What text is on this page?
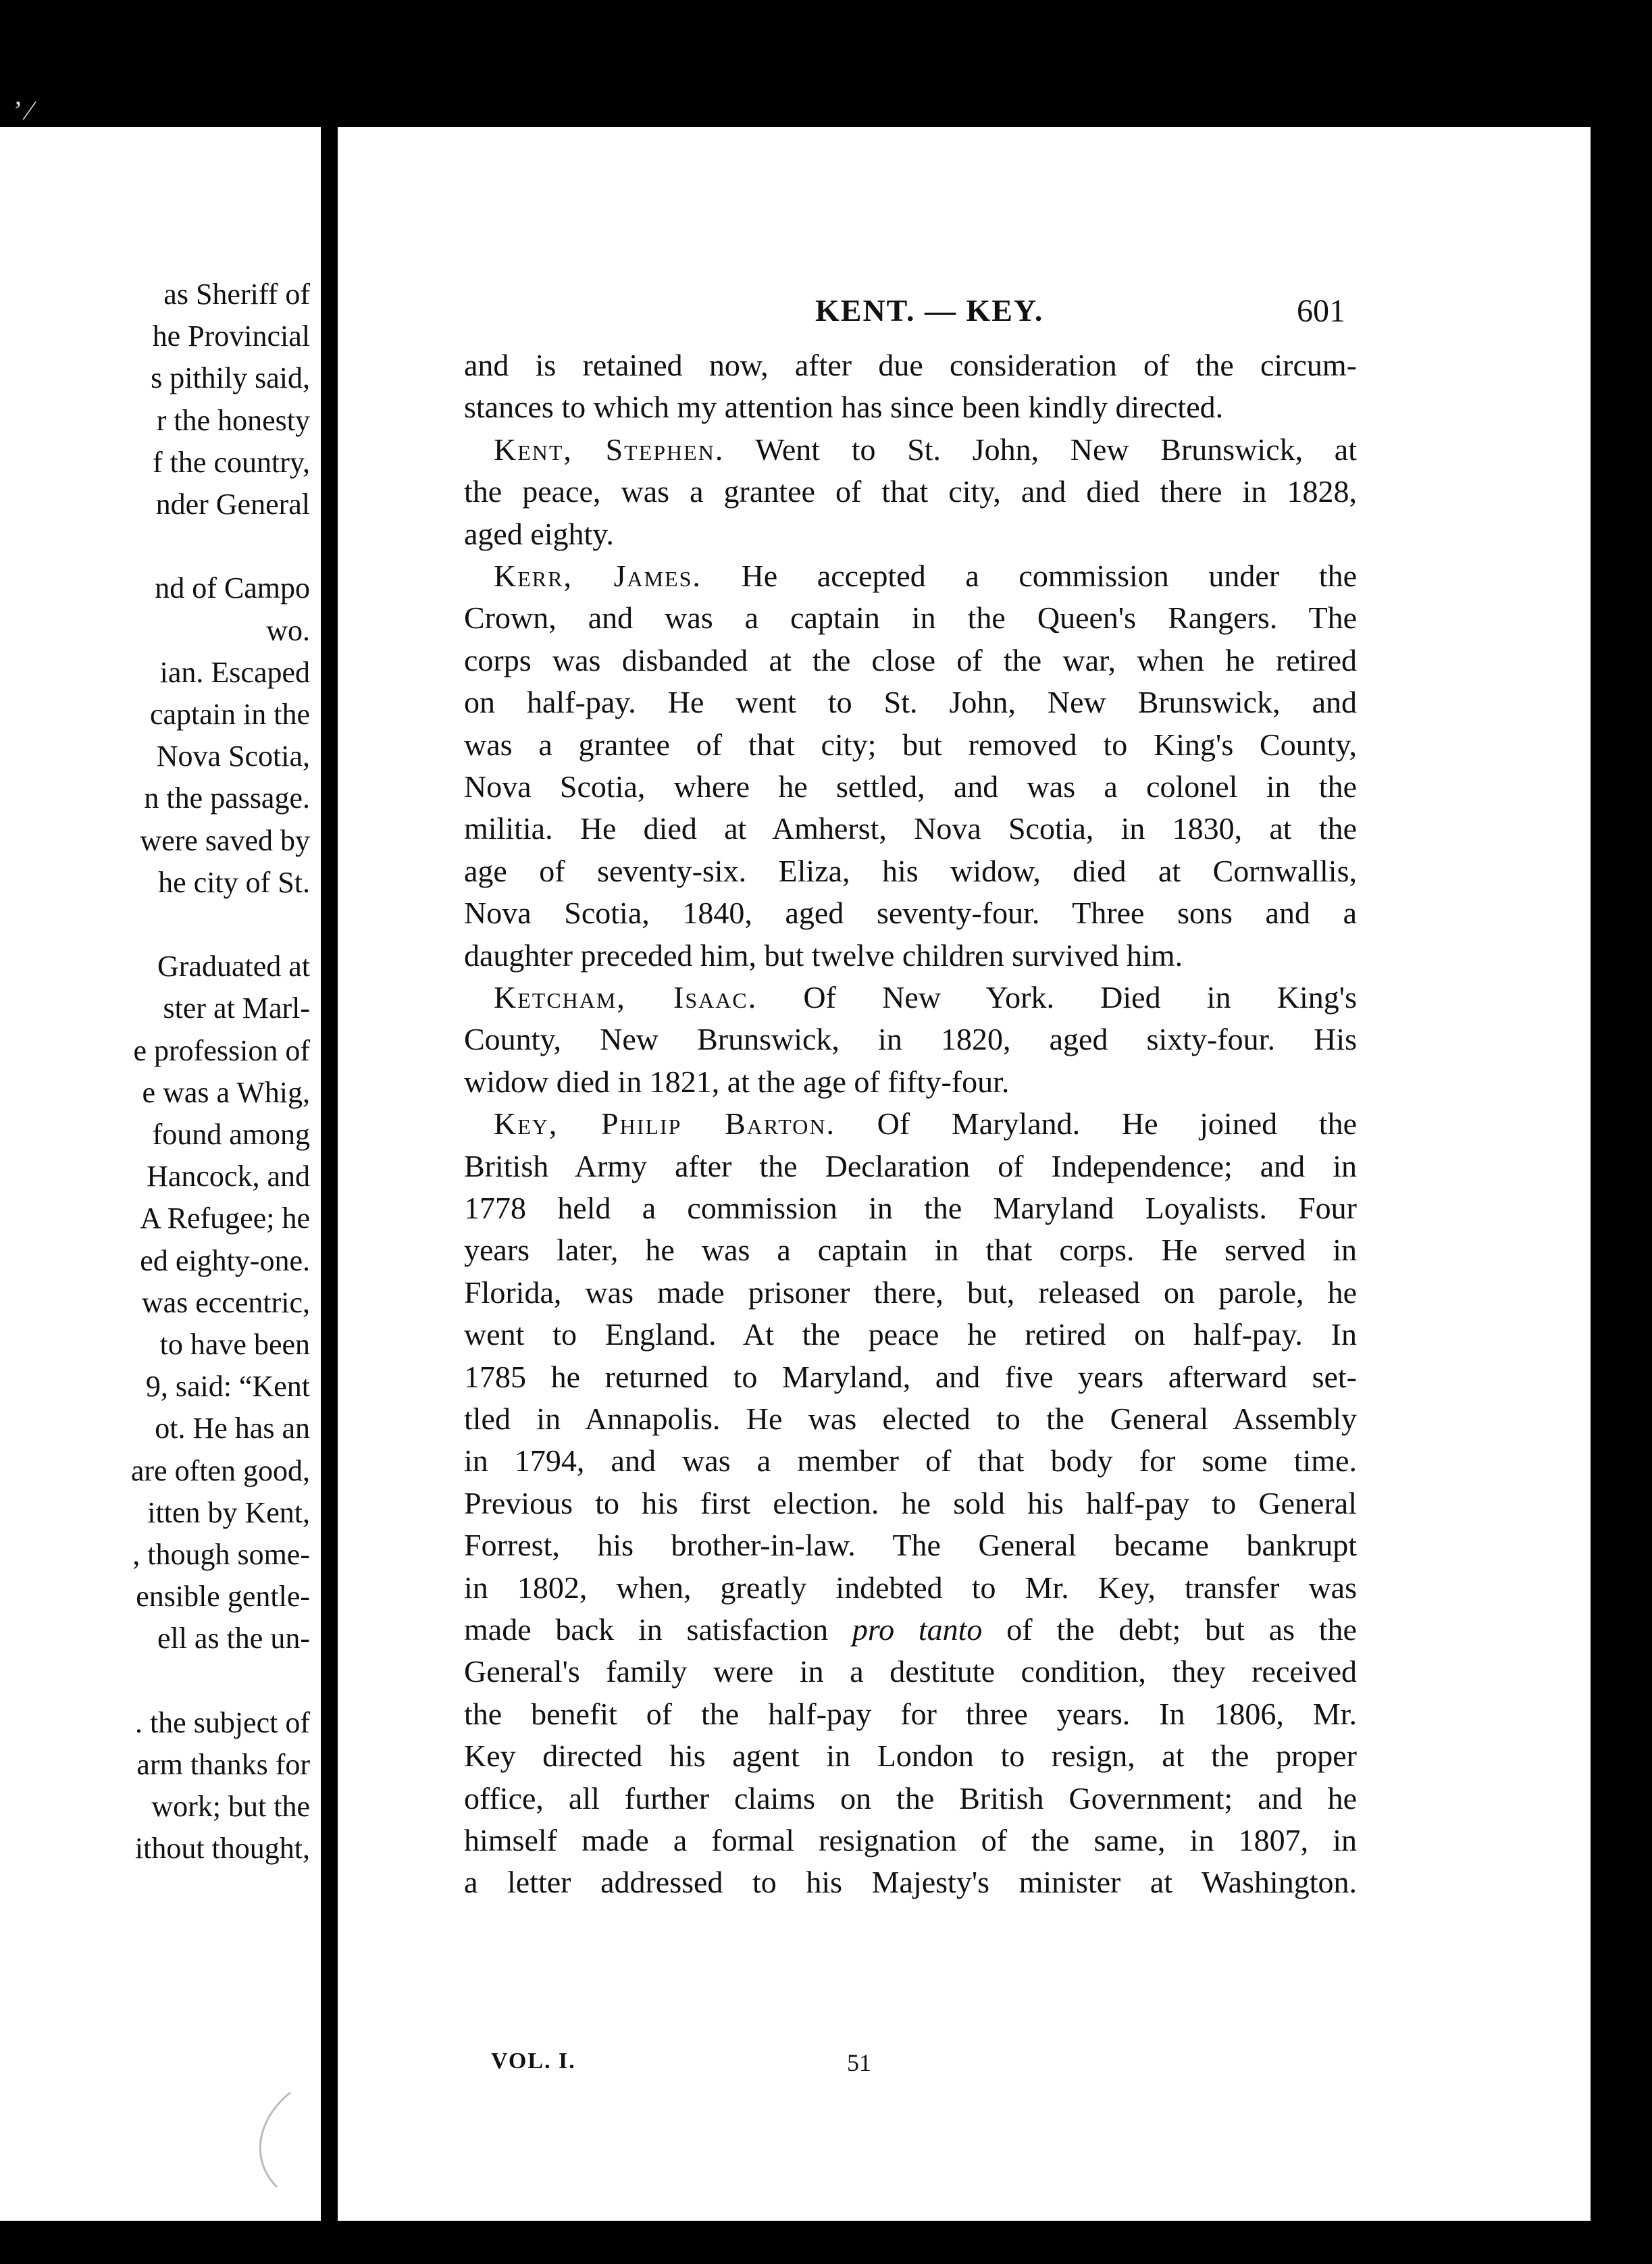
’ ⁄
as Sheriff of
he Provincial
s pithily said,
r the honesty
f the country,
nder General
nd of Campo
wo.
ian. Escaped
captain in the
Nova Scotia,
n the passage.
were saved by
he city of St.
Graduated at
ster at Marl-
e profession of
e was a Whig,
found among
Hancock, and
A Refugee; he
ed eighty-one.
was eccentric,
to have been
9, said: “Kent
ot. He has an
are often good,
itten by Kent,
, though some-
ensible gentle-
ell as the un-
. the subject of
arm thanks for
work; but the
ithout thought,
KENT. — KEY.	601
and is retained now, after due consideration of the circum-
stances to which my attention has since been kindly directed.
Kent, Stephen. Went to St. John, New Brunswick, at
the peace, was a grantee of that city, and died there in 1828,
aged eighty.
Kerr, James. He accepted a commission under the
Crown, and was a captain in the Queen's Rangers. The
corps was disbanded at the close of the war, when he retired
on half-pay. He went to St. John, New Brunswick, and
was a grantee of that city; but removed to King's County,
Nova Scotia, where he settled, and was a colonel in the
militia. He died at Amherst, Nova Scotia, in 1830, at the
age of seventy-six. Eliza, his widow, died at Cornwallis,
Nova Scotia, 1840, aged seventy-four. Three sons and a
daughter preceded him, but twelve children survived him.
Ketcham, Isaac. Of New York. Died in King's
County, New Brunswick, in 1820, aged sixty-four. His
widow died in 1821, at the age of fifty-four.
Key, Philip Barton. Of Maryland. He joined the
British Army after the Declaration of Independence; and in
1778 held a commission in the Maryland Loyalists. Four
years later, he was a captain in that corps. He served in
Florida, was made prisoner there, but, released on parole, he
went to England. At the peace he retired on half-pay. In
1785 he returned to Maryland, and five years afterward set-
tled in Annapolis. He was elected to the General Assembly
in 1794, and was a member of that body for some time.
Previous to his first election. he sold his half-pay to General
Forrest, his brother-in-law. The General became bankrupt
in 1802, when, greatly indebted to Mr. Key, transfer was
made back in satisfaction pro tanto of the debt; but as the
General's family were in a destitute condition, they received
the benefit of the half-pay for three years. In 1806, Mr.
Key directed his agent in London to resign, at the proper
office, all further claims on the British Government; and he
himself made a formal resignation of the same, in 1807, in
a letter addressed to his Majesty's minister at Washington.
VOL. I.	51
